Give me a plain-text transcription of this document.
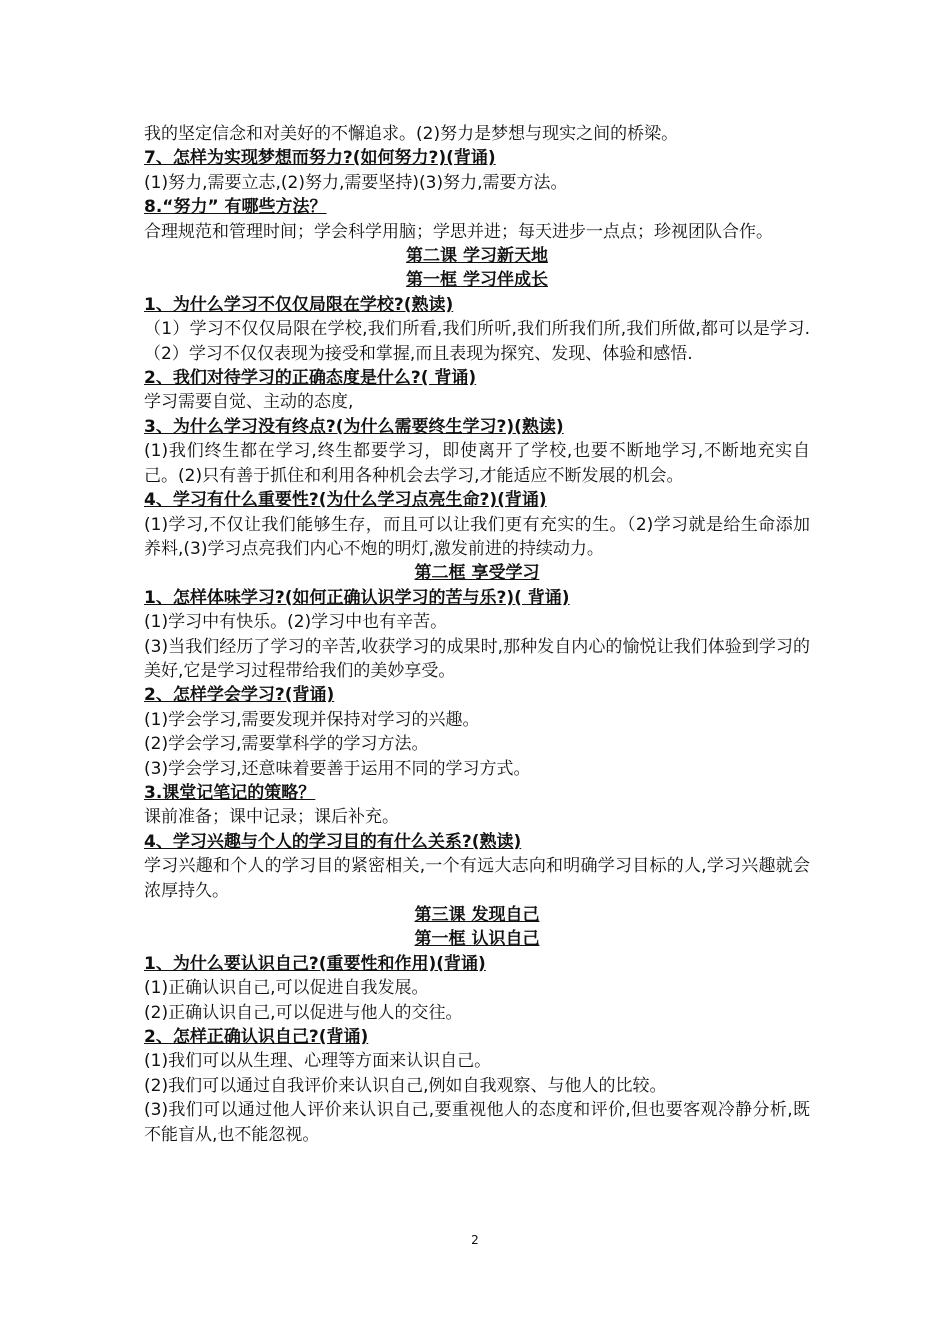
我的坚定信念和对美好的不懈追求。(2)努力是梦想与现实之间的桥梁。

7、怎样为实现梦想而努力?(如何努力?)(背诵)

(1)努力,需要立志,(2)努力,需要坚持)(3)努力,需要方法。

8.“努力” 有哪些方法？

合理规范和管理时间；学会科学用脑；学思并进；每天进步一点点；珍视团队合作。

第二课 学习新天地

第一框 学习伴成长

1、为什么学习不仅仅局限在学校?(熟读)

（1）学习不仅仅局限在学校,我们所看,我们所听,我们所我们所,我们所做,都可以是学习.（2）学习不仅仅表现为接受和掌握,而且表现为探究、发现、体验和感悟.

2、我们对待学习的正确态度是什么?( 背诵)

学习需要自觉、主动的态度,

3、为什么学习没有终点?(为什么需要终生学习?)(熟读)

(1)我们终生都在学习,终生都要学习，即使离开了学校,也要不断地学习,不断地充实自己。(2)只有善于抓住和利用各种机会去学习,才能适应不断发展的机会。

4、学习有什么重要性?(为什么学习点亮生命?)(背诵)

(1)学习,不仅让我们能够生存，而且可以让我们更有充实的生。（2)学习就是给生命添加养料,(3)学习点亮我们内心不炮的明灯,激发前进的持续动力。

第二框 享受学习

1、怎样体味学习?(如何正确认识学习的苦与乐?)( 背诵)

(1)学习中有快乐。(2)学习中也有辛苦。

(3)当我们经历了学习的辛苦,收获学习的成果时,那种发自内心的愉悦让我们体验到学习的美好,它是学习过程带给我们的美妙享受。

2、怎样学会学习?(背诵)

(1)学会学习,需要发现并保持对学习的兴趣。

(2)学会学习,需要掌科学的学习方法。

(3)学会学习,还意味着要善于运用不同的学习方式。

3.课堂记笔记的策略？

课前准备；课中记录；课后补充。

4、学习兴趣与个人的学习目的有什么关系?(熟读)

学习兴趣和个人的学习目的紧密相关,一个有远大志向和明确学习目标的人,学习兴趣就会浓厚持久。

第三课 发现自己

第一框 认识自己

1、为什么要认识自己?(重要性和作用)(背诵)

(1)正确认识自己,可以促进自我发展。

(2)正确认识自己,可以促进与他人的交往。

2、怎样正确认识自己?(背诵)

(1)我们可以从生理、心理等方面来认识自己。

(2)我们可以通过自我评价来认识自己,例如自我观察、与他人的比较。

(3)我们可以通过他人评价来认识自己,要重视他人的态度和评价,但也要客观冷静分析,既不能盲从,也不能忽视。

2
